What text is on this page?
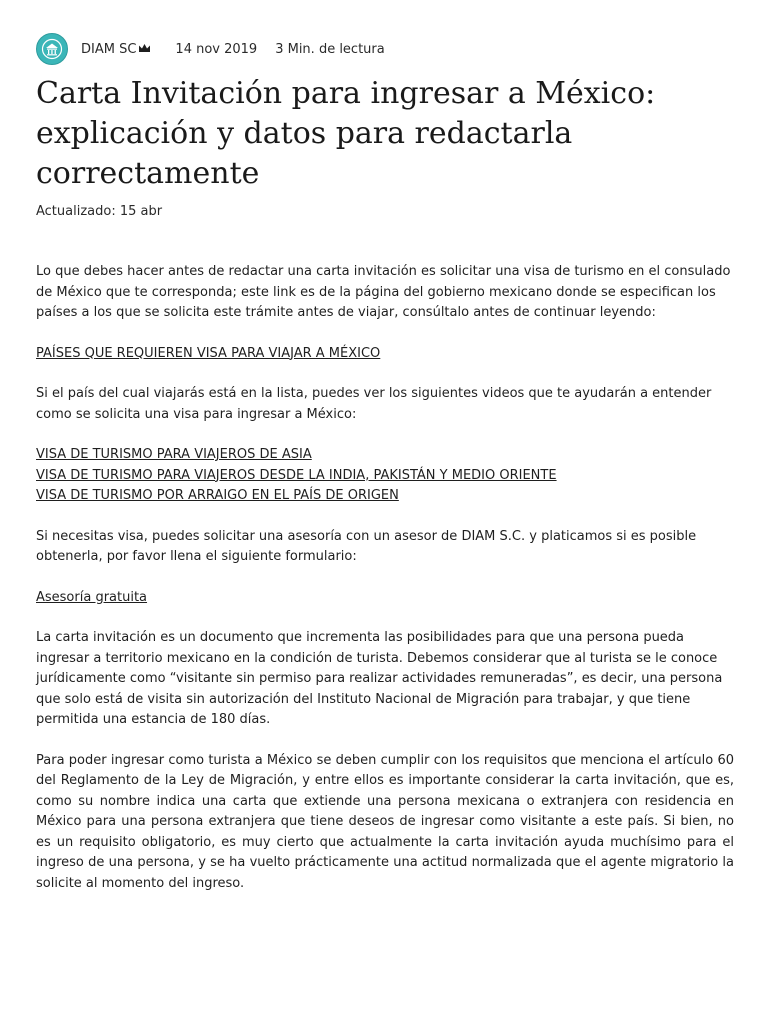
DIAM SC	14 nov 2019 3 Min. de lectura
Carta Invitación para ingresar a México: explicación y datos para redactarla correctamente
Actualizado: 15 abr

Lo que debes hacer antes de redactar una carta invitación es solicitar una visa de turismo en el consulado de México que te corresponda; este link es de la página del gobierno mexicano donde se especifican los países a los que se solicita este trámite antes de viajar, consúltalo antes de continuar leyendo:

PAÍSES QUE REQUIEREN VISA PARA VIAJAR A MÉXICO

Si el país del cual viajarás está en la lista, puedes ver los siguientes videos que te ayudarán a entender como se solicita una visa para ingresar a México:

VISA DE TURISMO PARA VIAJEROS DE ASIA
VISA DE TURISMO PARA VIAJEROS DESDE LA INDIA, PAKISTÁN Y MEDIO ORIENTE
VISA DE TURISMO POR ARRAIGO EN EL PAÍS DE ORIGEN

Si necesitas visa, puedes solicitar una asesoría con un asesor de DIAM S.C. y platicamos si es posible obtenerla, por favor llena el siguiente formulario:

Asesoría gratuita

La carta invitación es un documento que incrementa las posibilidades para que una persona pueda ingresar a territorio mexicano en la condición de turista. Debemos considerar que al turista se le conoce jurídicamente como “visitante sin permiso para realizar actividades remuneradas”, es decir, una persona que solo está de visita sin autorización del Instituto Nacional de Migración para trabajar, y que tiene permitida una estancia de 180 días.

Para poder ingresar como turista a México se deben cumplir con los requisitos que menciona el artículo 60 del Reglamento de la Ley de Migración, y entre ellos es importante considerar la carta invitación, que es, como su nombre indica una carta que extiende una persona mexicana o extranjera con residencia en México para una persona extranjera que tiene deseos de ingresar como visitante a este país. Si bien, no es un requisito obligatorio, es muy cierto que actualmente la carta invitación ayuda muchísimo para el ingreso de una persona, y se ha vuelto prácticamente una actitud normalizada que el agente migratorio la solicite al momento del ingreso.
